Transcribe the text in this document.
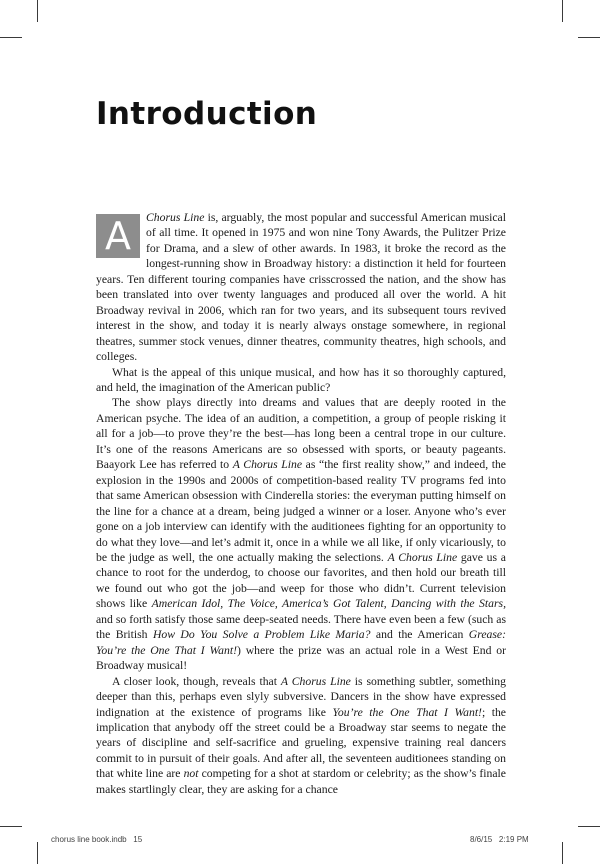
Introduction

A	Chorus Line is, arguably, the most popular and successful American musical of all time. It opened in 1975 and won nine Tony Awards, the Pulitzer Prize for Drama, and a slew of other awards. In 1983, it broke the record as the longest-running show in Broadway history: a distinction it held for fourteen years. Ten different touring companies have crisscrossed the nation, and the show has been translated into over twenty languages and produced all over the world. A hit Broadway revival in 2006, which ran for two years, and its subsequent tours revived interest in the show, and today it is nearly always onstage somewhere, in regional theatres, summer stock venues, dinner theatres, community theatres, high schools, and colleges.

What is the appeal of this unique musical, and how has it so thoroughly captured, and held, the imagination of the American public?

The show plays directly into dreams and values that are deeply rooted in the American psyche. The idea of an audition, a competition, a group of people risking it all for a job—to prove they’re the best—has long been a central trope in our culture. It’s one of the reasons Americans are so obsessed with sports, or beauty pageants. Baayork Lee has referred to A Chorus Line as “the first reality show,” and indeed, the explosion in the 1990s and 2000s of competition-based reality TV programs fed into that same American obsession with Cinderella stories: the everyman putting himself on the line for a chance at a dream, being judged a winner or a loser. Anyone who’s ever gone on a job interview can identify with the auditionees fighting for an opportunity to do what they love—and let’s admit it, once in a while we all like, if only vicariously, to be the judge as well, the one actually making the selections. A Chorus Line gave us a chance to root for the underdog, to choose our favorites, and then hold our breath till we found out who got the job—and weep for those who didn’t. Current television shows like American Idol, The Voice, America’s Got Talent, Dancing with the Stars, and so forth satisfy those same deep-seated needs. There have even been a few (such as the British How Do You Solve a Problem Like Maria? and the American Grease: You’re the One That I Want!) where the prize was an actual role in a West End or Broadway musical!

A closer look, though, reveals that A Chorus Line is something subtler, something deeper than this, perhaps even slyly subversive. Dancers in the show have expressed indignation at the existence of programs like You’re the One That I Want!; the implication that anybody off the street could be a Broadway star seems to negate the years of discipline and self-sacrifice and grueling, expensive training real dancers commit to in pursuit of their goals. And after all, the seventeen auditionees standing on that white line are not competing for a shot at stardom or celebrity; as the show’s finale makes startlingly clear, they are asking for a chance

chorus line book.indb   15	8/6/15   2:19 PM
